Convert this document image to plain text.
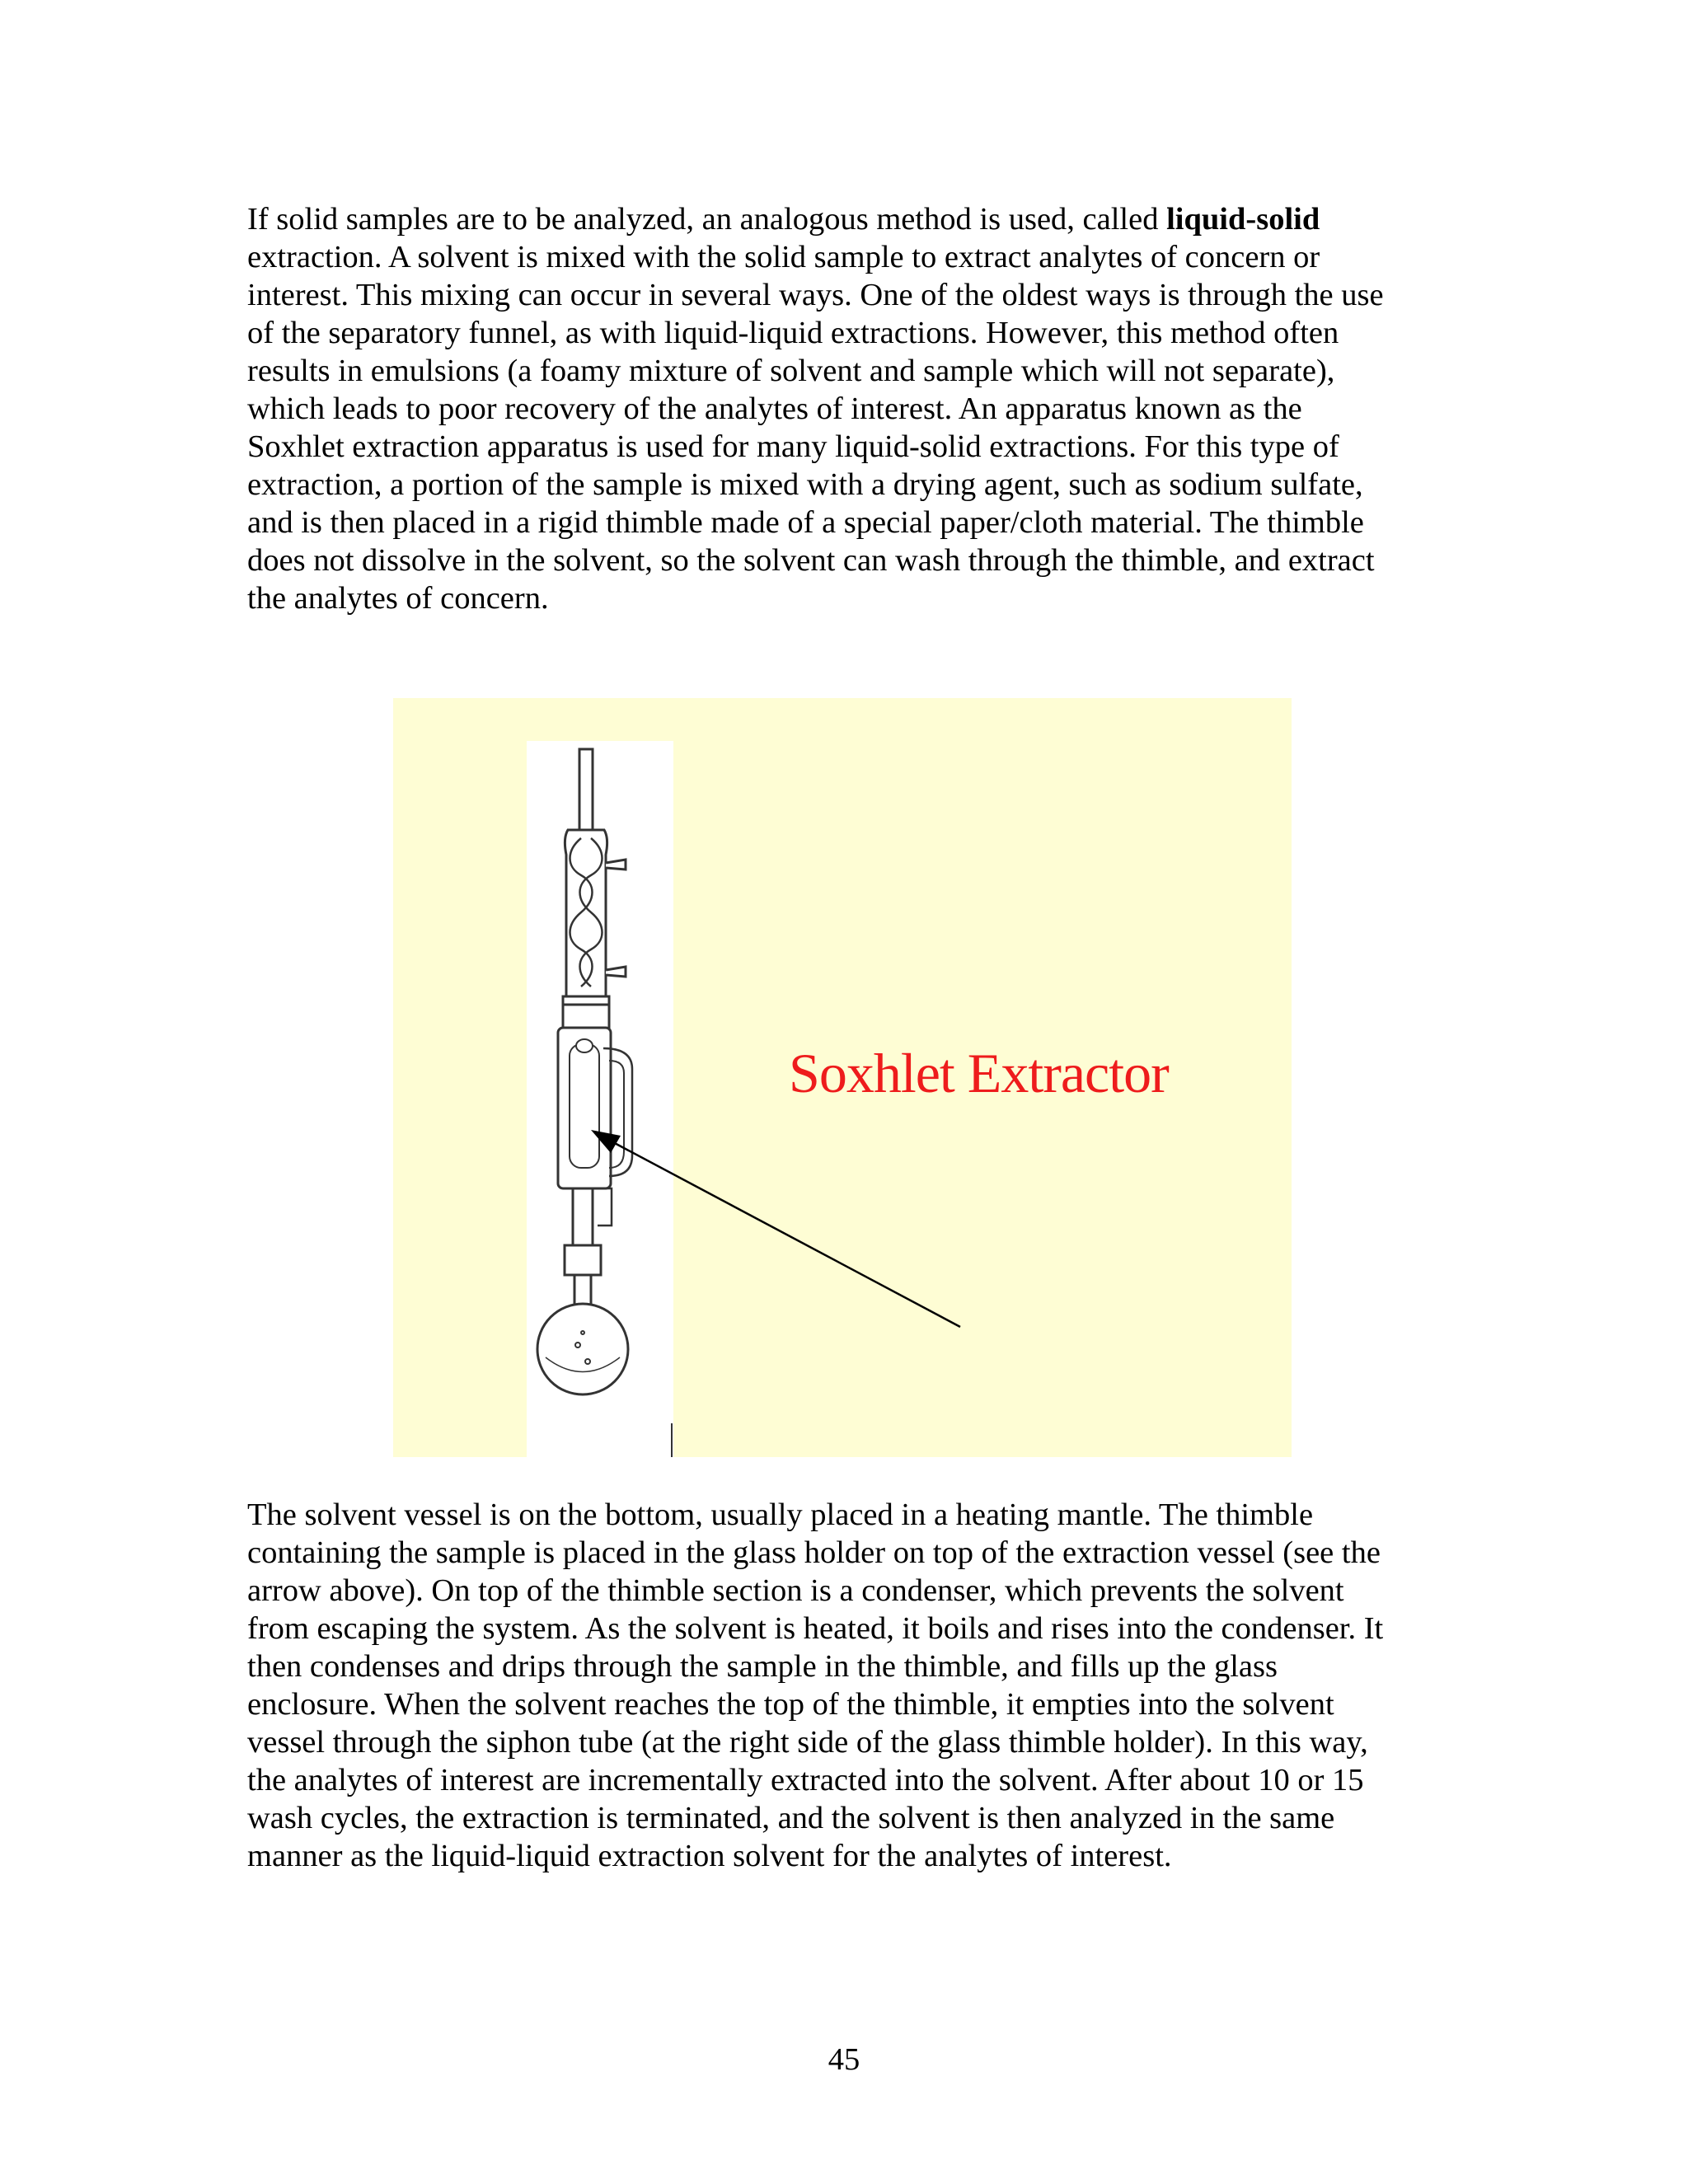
If solid samples are to be analyzed, an analogous method is used, called liquid-solid
extraction. A solvent is mixed with the solid sample to extract analytes of concern or
interest. This mixing can occur in several ways. One of the oldest ways is through the use
of the separatory funnel, as with liquid-liquid extractions. However, this method often
results in emulsions (a foamy mixture of solvent and sample which will not separate),
which leads to poor recovery of the analytes of interest. An apparatus known as the
Soxhlet extraction apparatus is used for many liquid-solid extractions. For this type of
extraction, a portion of the sample is mixed with a drying agent, such as sodium sulfate,
and is then placed in a rigid thimble made of a special paper/cloth material. The thimble
does not dissolve in the solvent, so the solvent can wash through the thimble, and extract
the analytes of concern.
Soxhlet Extractor
The solvent vessel is on the bottom, usually placed in a heating mantle. The thimble
containing the sample is placed in the glass holder on top of the extraction vessel (see the
arrow above). On top of the thimble section is a condenser, which prevents the solvent
from escaping the system. As the solvent is heated, it boils and rises into the condenser. It
then condenses and drips through the sample in the thimble, and fills up the glass
enclosure. When the solvent reaches the top of the thimble, it empties into the solvent
vessel through the siphon tube (at the right side of the glass thimble holder). In this way,
the analytes of interest are incrementally extracted into the solvent. After about 10 or 15
wash cycles, the extraction is terminated, and the solvent is then analyzed in the same
manner as the liquid-liquid extraction solvent for the analytes of interest.
45
